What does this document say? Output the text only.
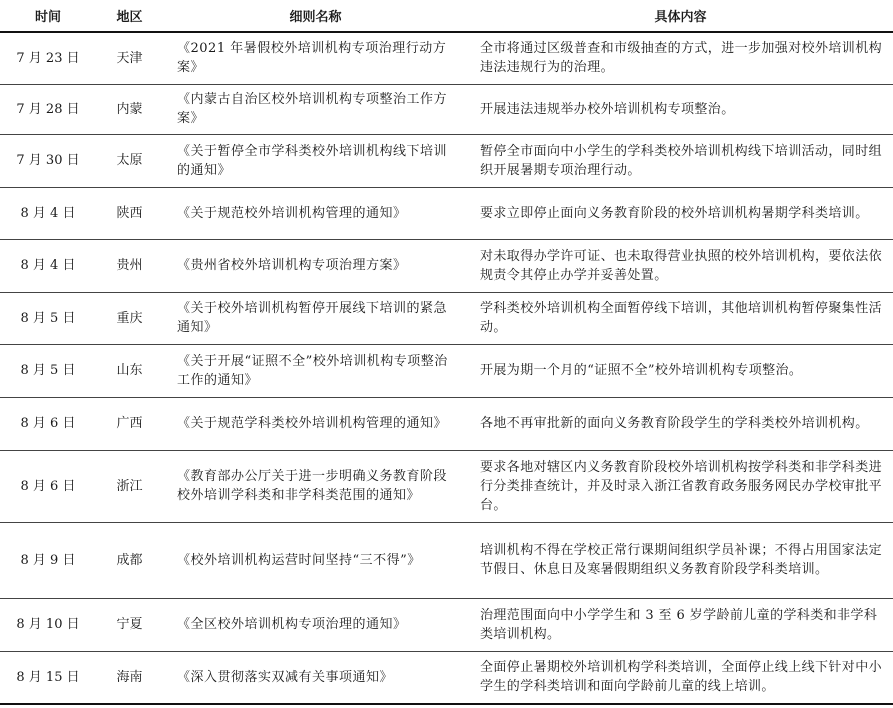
时间	地区	细则名称	具体内容
7 月 23 日	天津	《2021 年暑假校外培训机构专项治理行动方案》	全市将通过区级普查和市级抽查的方式，进一步加强对校外培训机构违法违规行为的治理。
7 月 28 日	内蒙	《内蒙古自治区校外培训机构专项整治工作方案》	开展违法违规举办校外培训机构专项整治。
7 月 30 日	太原	《关于暂停全市学科类校外培训机构线下培训的通知》	暂停全市面向中小学生的学科类校外培训机构线下培训活动，同时组织开展暑期专项治理行动。
8 月 4 日	陕西	《关于规范校外培训机构管理的通知》	要求立即停止面向义务教育阶段的校外培训机构暑期学科类培训。
8 月 4 日	贵州	《贵州省校外培训机构专项治理方案》	对未取得办学许可证、也未取得营业执照的校外培训机构，要依法依规责令其停止办学并妥善处置。
8 月 5 日	重庆	《关于校外培训机构暂停开展线下培训的紧急通知》	学科类校外培训机构全面暂停线下培训，其他培训机构暂停聚集性活动。
8 月 5 日	山东	《关于开展“证照不全”校外培训机构专项整治工作的通知》	开展为期一个月的“证照不全”校外培训机构专项整治。
8 月 6 日	广西	《关于规范学科类校外培训机构管理的通知》	各地不再审批新的面向义务教育阶段学生的学科类校外培训机构。
8 月 6 日	浙江	《教育部办公厅关于进一步明确义务教育阶段校外培训学科类和非学科类范围的通知》	要求各地对辖区内义务教育阶段校外培训机构按学科类和非学科类进行分类排查统计，并及时录入浙江省教育政务服务网民办学校审批平台。
8 月 9 日	成都	《校外培训机构运营时间坚持“三不得”》	培训机构不得在学校正常行课期间组织学员补课；不得占用国家法定节假日、休息日及寒暑假期组织义务教育阶段学科类培训。
8 月 10 日	宁夏	《全区校外培训机构专项治理的通知》	治理范围面向中小学学生和 3 至 6 岁学龄前儿童的学科类和非学科类培训机构。
8 月 15 日	海南	《深入贯彻落实双减有关事项通知》	全面停止暑期校外培训机构学科类培训，全面停止线上线下针对中小学生的学科类培训和面向学龄前儿童的线上培训。
